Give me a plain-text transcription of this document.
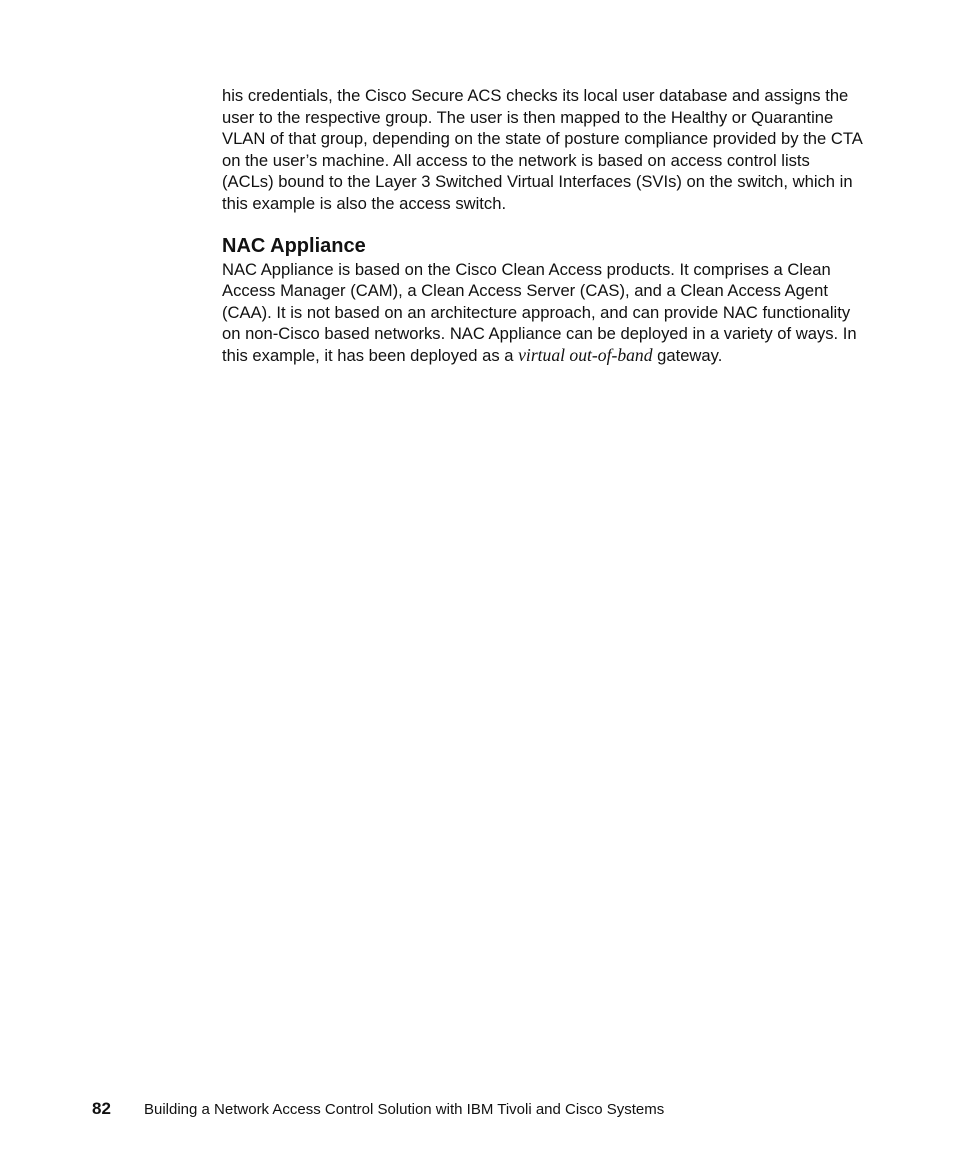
his credentials, the Cisco Secure ACS checks its local user database and assigns the user to the respective group. The user is then mapped to the Healthy or Quarantine VLAN of that group, depending on the state of posture compliance provided by the CTA on the user’s machine. All access to the network is based on access control lists (ACLs) bound to the Layer 3 Switched Virtual Interfaces (SVIs) on the switch, which in this example is also the access switch.

NAC Appliance

NAC Appliance is based on the Cisco Clean Access products. It comprises a Clean Access Manager (CAM), a Clean Access Server (CAS), and a Clean Access Agent (CAA). It is not based on an architecture approach, and can provide NAC functionality on non-Cisco based networks. NAC Appliance can be deployed in a variety of ways. In this example, it has been deployed as a virtual out-of-band gateway.

82	Building a Network Access Control Solution with IBM Tivoli and Cisco Systems
